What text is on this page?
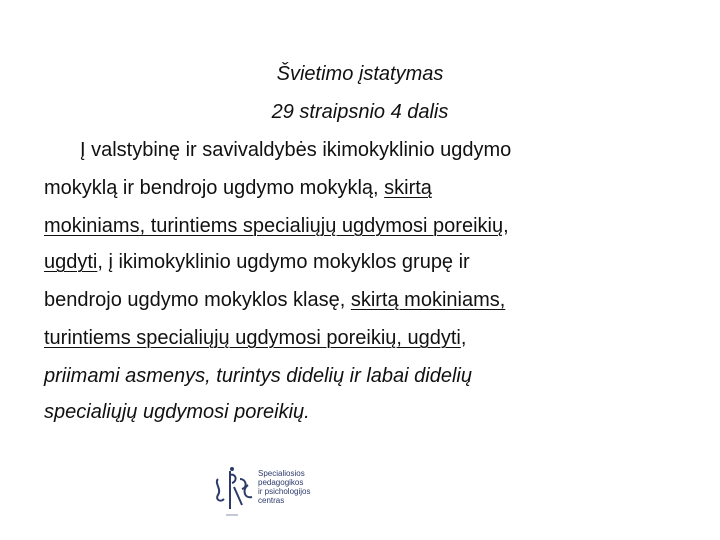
Švietimo įstatymas
29 straipsnio 4 dalis

Į valstybinę ir savivaldybės ikimokyklinio ugdymo

mokyklą ir bendrojo ugdymo mokyklą, skirtą

mokiniams, turintiems specialiųjų ugdymosi poreikių,

ugdyti, į ikimokyklinio ugdymo mokyklos grupę ir

bendrojo ugdymo mokyklos klasę, skirtą mokiniams,

turintiems specialiųjų ugdymosi poreikių, ugdyti,

priimami asmenys, turintys didelių ir labai didelių

specialiųjų ugdymosi poreikių.

Specialiosios
pedagogikos
ir psichologijos
centras
